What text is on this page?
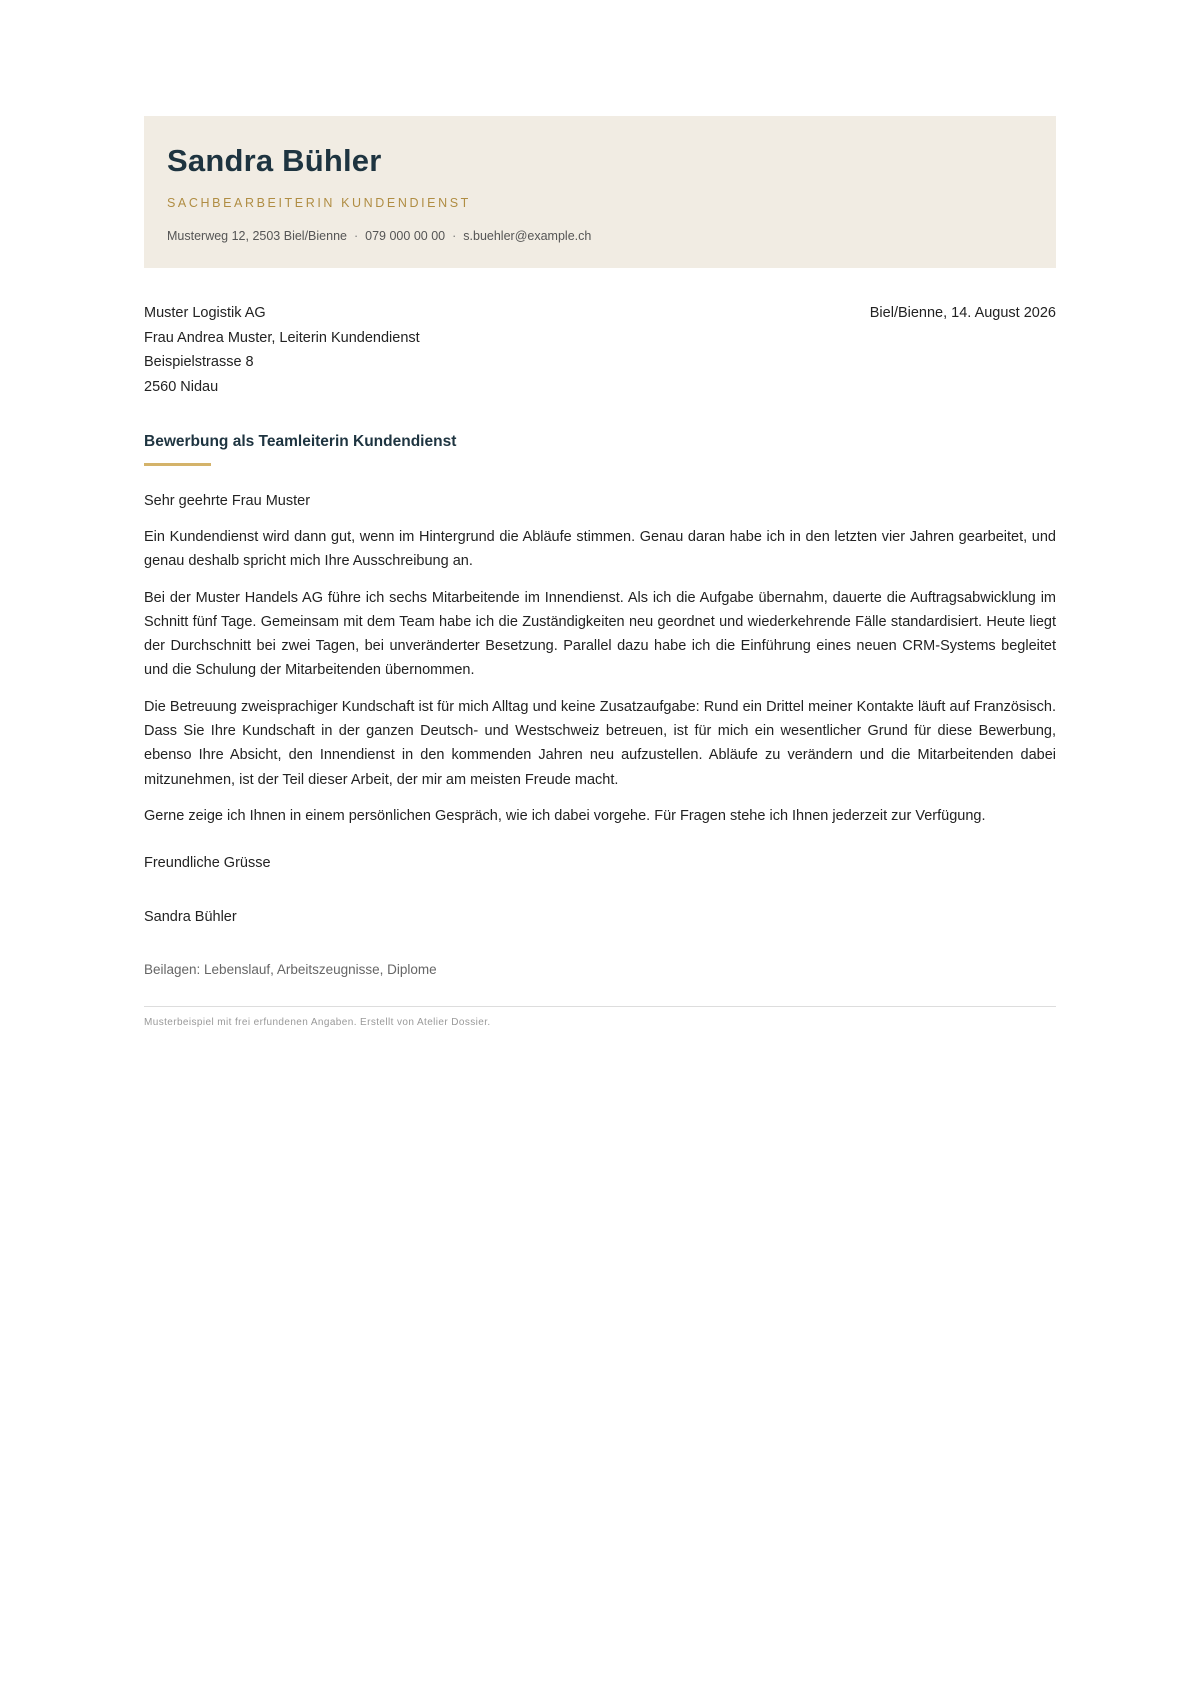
Sandra Bühler
SACHBEARBEITERIN KUNDENDIENST
Musterweg 12, 2503 Biel/Bienne · 079 000 00 00 · s.buehler@example.ch
Muster Logistik AG
Frau Andrea Muster, Leiterin Kundendienst
Beispielstrasse 8
2560 Nidau
Biel/Bienne, 14. August 2026
Bewerbung als Teamleiterin Kundendienst
Sehr geehrte Frau Muster

Ein Kundendienst wird dann gut, wenn im Hintergrund die Abläufe stimmen. Genau daran habe ich in den letzten vier Jahren gearbeitet, und genau deshalb spricht mich Ihre Ausschreibung an.

Bei der Muster Handels AG führe ich sechs Mitarbeitende im Innendienst. Als ich die Aufgabe übernahm, dauerte die Auftragsabwicklung im Schnitt fünf Tage. Gemeinsam mit dem Team habe ich die Zuständigkeiten neu geordnet und wiederkehrende Fälle standardisiert. Heute liegt der Durchschnitt bei zwei Tagen, bei unveränderter Besetzung. Parallel dazu habe ich die Einführung eines neuen CRM-Systems begleitet und die Schulung der Mitarbeitenden übernommen.

Die Betreuung zweisprachiger Kundschaft ist für mich Alltag und keine Zusatzaufgabe: Rund ein Drittel meiner Kontakte läuft auf Französisch. Dass Sie Ihre Kundschaft in der ganzen Deutsch- und Westschweiz betreuen, ist für mich ein wesentlicher Grund für diese Bewerbung, ebenso Ihre Absicht, den Innendienst in den kommenden Jahren neu aufzustellen. Abläufe zu verändern und die Mitarbeitenden dabei mitzunehmen, ist der Teil dieser Arbeit, der mir am meisten Freude macht.

Gerne zeige ich Ihnen in einem persönlichen Gespräch, wie ich dabei vorgehe. Für Fragen stehe ich Ihnen jederzeit zur Verfügung.

Freundliche Grüsse
Sandra Bühler
Beilagen: Lebenslauf, Arbeitszeugnisse, Diplome
Musterbeispiel mit frei erfundenen Angaben. Erstellt von Atelier Dossier.
